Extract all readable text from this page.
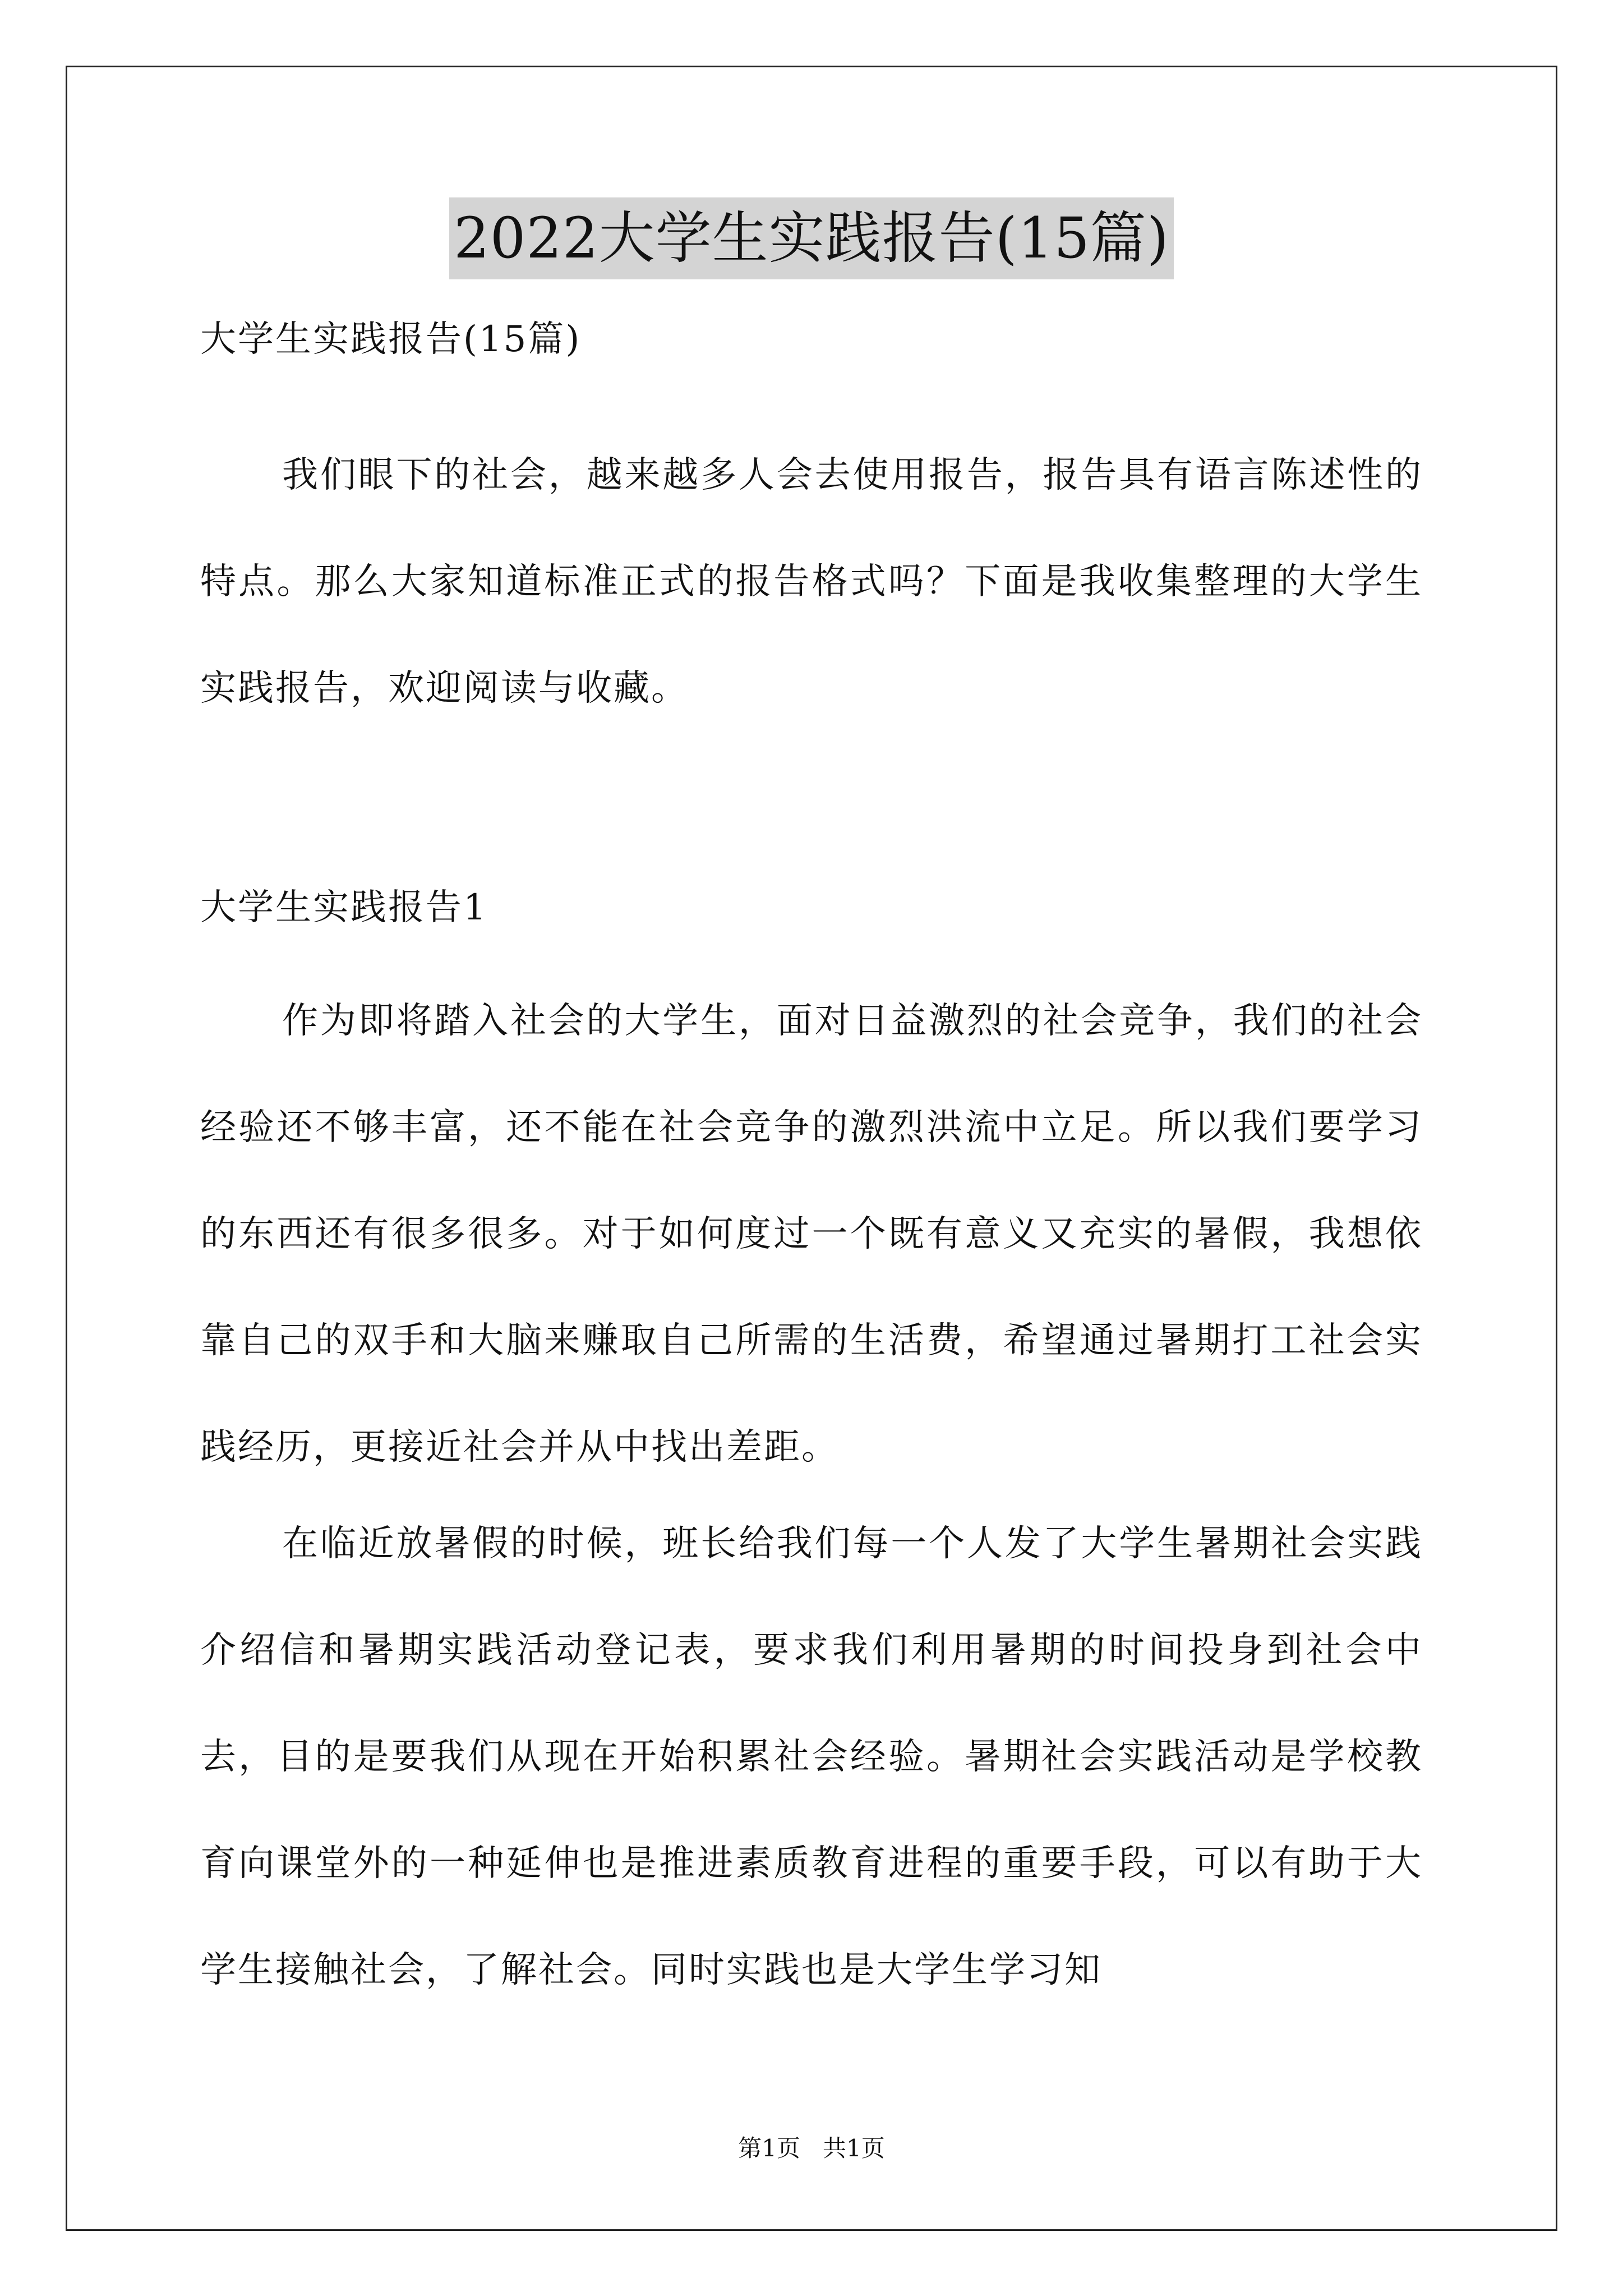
2022大学生实践报告(15篇)
大学生实践报告(15篇)
我们眼下的社会，越来越多人会去使用报告，报告具有语言陈述性的特点。那么大家知道标准正式的报告格式吗？下面是我收集整理的大学生实践报告，欢迎阅读与收藏。
大学生实践报告1
作为即将踏入社会的大学生，面对日益激烈的社会竞争，我们的社会经验还不够丰富，还不能在社会竞争的激烈洪流中立足。所以我们要学习的东西还有很多很多。对于如何度过一个既有意义又充实的暑假，我想依靠自己的双手和大脑来赚取自己所需的生活费，希望通过暑期打工社会实践经历，更接近社会并从中找出差距。
在临近放暑假的时候，班长给我们每一个人发了大学生暑期社会实践介绍信和暑期实践活动登记表，要求我们利用暑期的时间投身到社会中去，目的是要我们从现在开始积累社会经验。暑期社会实践活动是学校教育向课堂外的一种延伸也是推进素质教育进程的重要手段，可以有助于大学生接触社会，了解社会。同时实践也是大学生学习知
第1页   共1页
